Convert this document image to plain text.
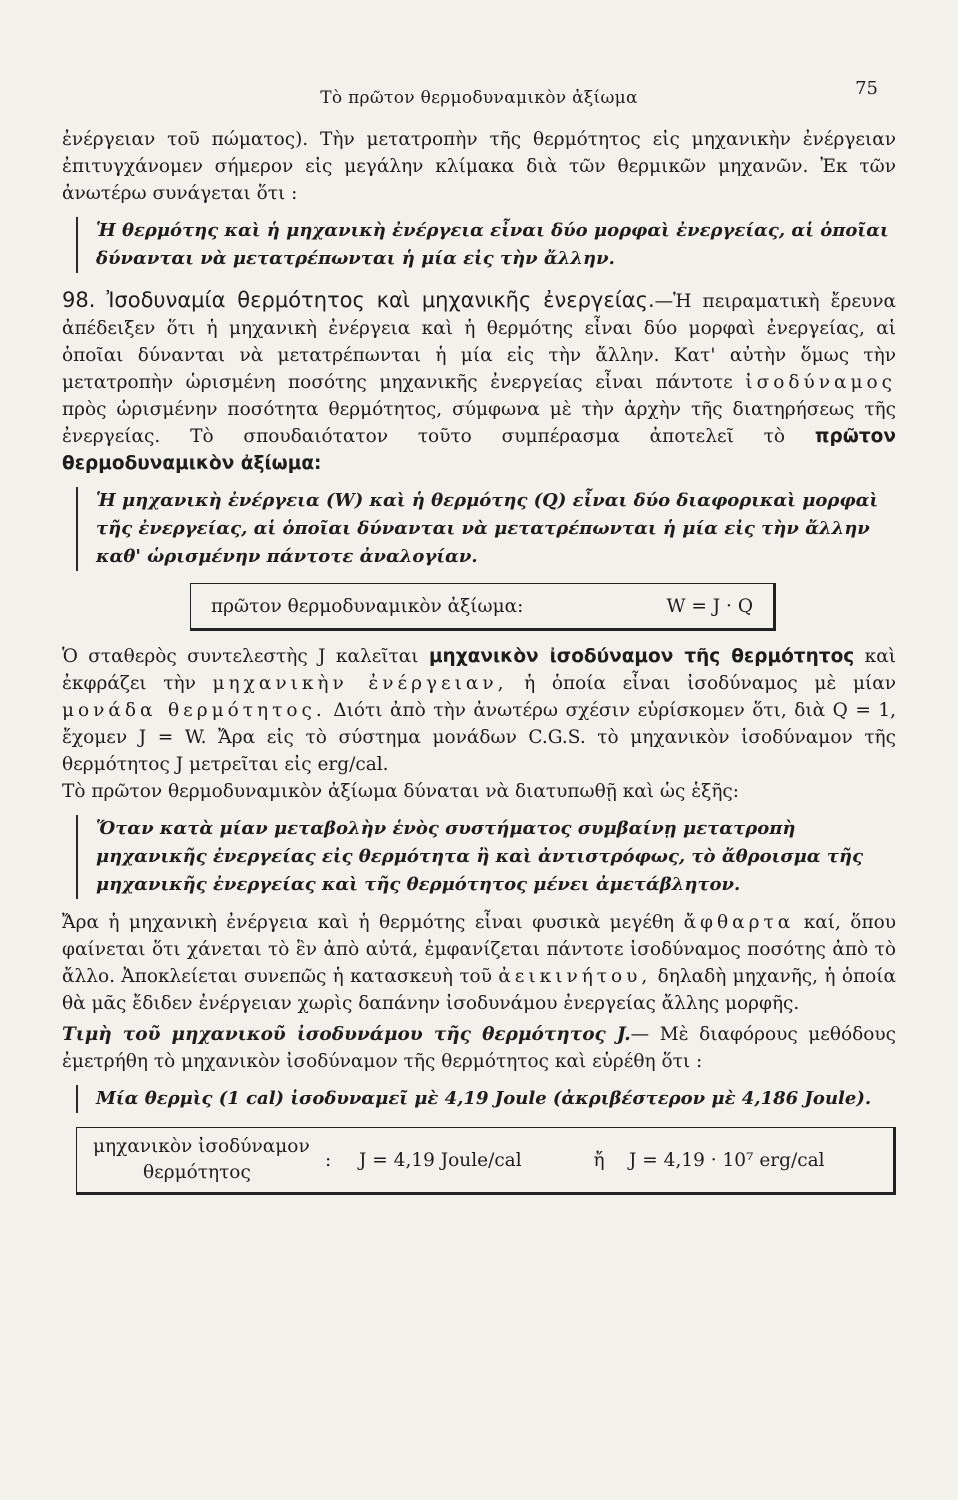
Τὸ πρῶτον θερμοδυναμικὸν ἀξίωμα	75

ἐνέργειαν τοῦ πώματος). Τὴν μετατροπὴν τῆς θερμότητος εἰς μηχανικὴν ἐνέργειαν ἐπιτυγχάνομεν σήμερον εἰς μεγάλην κλίμακα διὰ τῶν θερμικῶν μηχανῶν. Ἐκ τῶν ἀνωτέρω συνάγεται ὅτι :

Ἡ θερμότης καὶ ἡ μηχανικὴ ἐνέργεια εἶναι δύο μορφαὶ ἐνεργείας, αἱ ὁποῖαι δύνανται νὰ μετατρέπωνται ἡ μία εἰς τὴν ἄλλην.

98. Ἰσοδυναμία θερμότητος καὶ μηχανικῆς ἐνεργείας.—Ἡ πειραματικὴ ἔρευνα ἀπέδειξεν ὅτι ἡ μηχανικὴ ἐνέργεια καὶ ἡ θερμότης εἶναι δύο μορφαὶ ἐνεργείας, αἱ ὁποῖαι δύνανται νὰ μετατρέπωνται ἡ μία εἰς τὴν ἄλλην. Κατ' αὐτὴν ὅμως τὴν μετατροπὴν ὡρισμένη ποσότης μηχανικῆς ἐνεργείας εἶναι πάντοτε ἰσοδύναμος πρὸς ὡρισμένην ποσότητα θερμότητος, σύμφωνα μὲ τὴν ἀρχὴν τῆς διατηρήσεως τῆς ἐνεργείας. Τὸ σπουδαιότατον τοῦτο συμπέρασμα ἀποτελεῖ τὸ πρῶτον θερμοδυναμικὸν ἀξίωμα:

Ἡ μηχανικὴ ἐνέργεια (W) καὶ ἡ θερμότης (Q) εἶναι δύο διαφορικαὶ μορφαὶ τῆς ἐνεργείας, αἱ ὁποῖαι δύνανται νὰ μετατρέπωνται ἡ μία εἰς τὴν ἄλλην καθ' ὡρισμένην πάντοτε ἀναλογίαν.
πρῶτον θερμοδυναμικὸν ἀξίωμα:	W = J · Q

Ὁ σταθερὸς συντελεστὴς J καλεῖται μηχανικὸν ἰσοδύναμον τῆς θερμότητος καὶ ἐκφράζει τὴν μηχανικὴν ἐνέργειαν, ἡ ὁποία εἶναι ἰσοδύναμος μὲ μίαν μονάδα θερμότητος. Διότι ἀπὸ τὴν ἀνωτέρω σχέσιν εὑρίσκομεν ὅτι, διὰ Q = 1, ἔχομεν J = W. Ἄρα εἰς τὸ σύστημα μονάδων C.G.S. τὸ μηχανικὸν ἰσοδύναμον τῆς θερμότητος J μετρεῖται εἰς erg/cal.

Τὸ πρῶτον θερμοδυναμικὸν ἀξίωμα δύναται νὰ διατυπωθῇ καὶ ὡς ἑξῆς:

Ὅταν κατὰ μίαν μεταβολὴν ἑνὸς συστήματος συμβαίνῃ μετατροπὴ μηχανικῆς ἐνεργείας εἰς θερμότητα ἢ καὶ ἀντιστρόφως, τὸ ἄθροισμα τῆς μηχανικῆς ἐνεργείας καὶ τῆς θερμότητος μένει ἀμετάβλητον.

Ἄρα ἡ μηχανικὴ ἐνέργεια καὶ ἡ θερμότης εἶναι φυσικὰ μεγέθη ἄφθαρτα καί, ὅπου φαίνεται ὅτι χάνεται τὸ ἓν ἀπὸ αὐτά, ἐμφανίζεται πάντοτε ἰσοδύναμος ποσότης ἀπὸ τὸ ἄλλο. Ἀποκλείεται συνεπῶς ἡ κατασκευὴ τοῦ ἀεικινήτου, δηλαδὴ μηχανῆς, ἡ ὁποία θὰ μᾶς ἔδιδεν ἐνέργειαν χωρὶς δαπάνην ἰσοδυνάμου ἐνεργείας ἄλλης μορφῆς.

Τιμὴ τοῦ μηχανικοῦ ἰσοδυνάμου τῆς θερμότητος J.— Μὲ διαφόρους μεθόδους ἐμετρήθη τὸ μηχανικὸν ἰσοδύναμον τῆς θερμότητος καὶ εὑρέθη ὅτι :

Μία θερμὶς (1 cal) ἰσοδυναμεῖ μὲ 4,19 Joule (ἀκριβέστερον μὲ 4,186 Joule).
μηχανικὸν ἰσοδύναμον
θερμότητος
:	J = 4,19 Joule/cal	ἤ	J = 4,19 · 10⁷ erg/cal
